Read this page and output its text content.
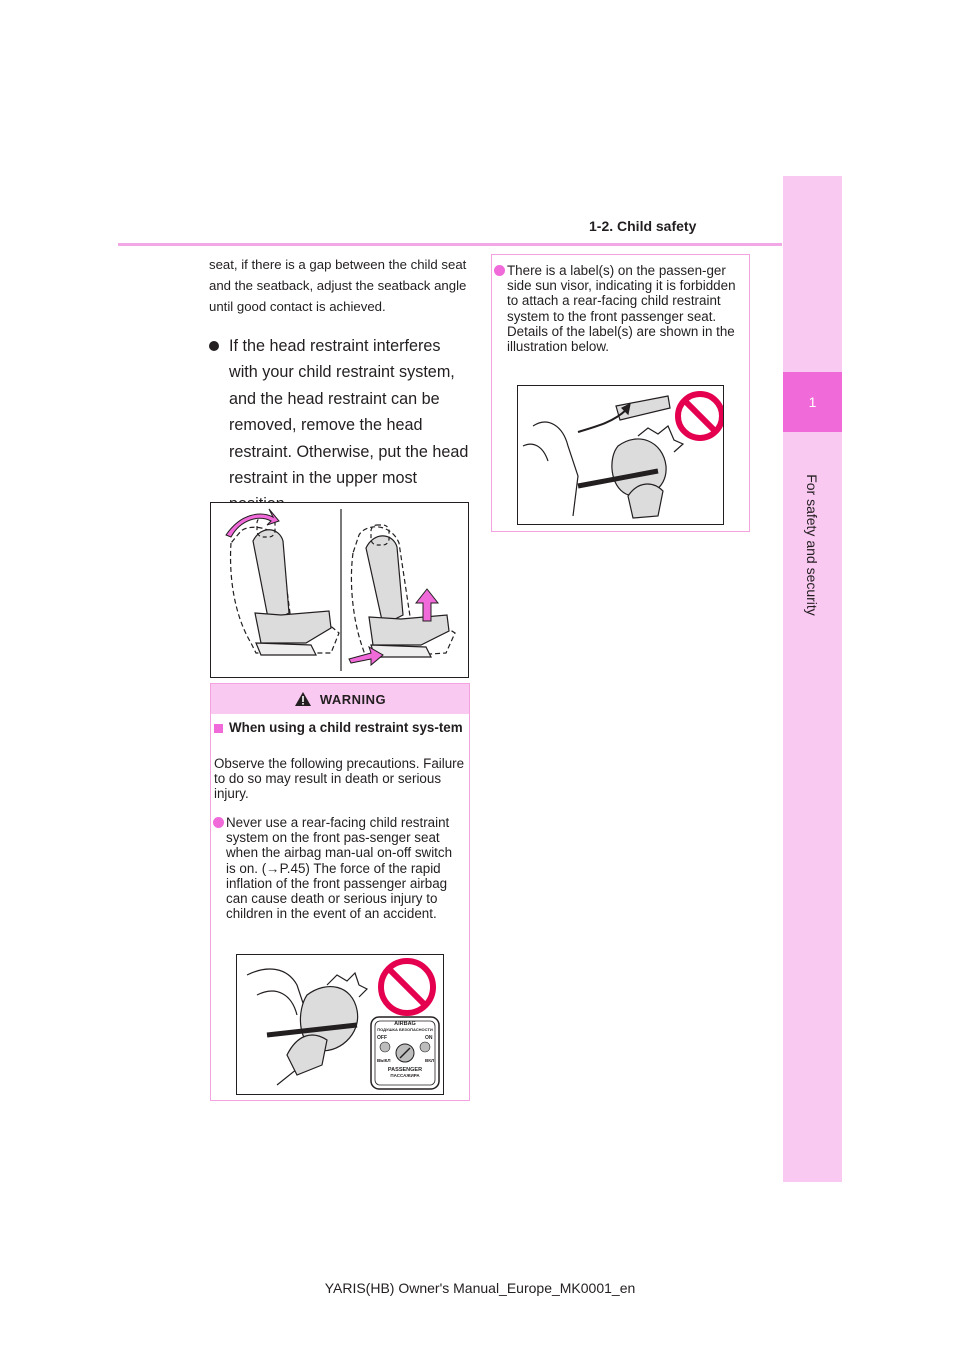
1-2. Child safety
1
For safety and security

seat, if there is a gap between the child seat and the seatback, adjust the seatback angle until good contact is achieved.

If the head restraint interferes with your child restraint system, and the head restraint can be removed, remove the head restraint. Otherwise, put the head restraint in the upper most
WARNING
When using a child restraint sys-tem
Observe the following precautions. Failure to do so may result in death or serious injury.
Never use a rear-facing child restraint system on the front pas-senger seat when the airbag man-ual on-off switch is on. (→P.45) The force of the rapid inflation of the front passenger airbag can cause death or serious injury to children in the event of an accident.
AIRBAG
ПОДУШКА БЕЗОПАСНОСТИ
OFF	ON
ВЫКЛ	ВКЛ
PASSENGER
ПАССАЖИРА
There is a label(s) on the passen-ger side sun visor, indicating it is forbidden to attach a rear-facing child restraint system to the front passenger seat.
Details of the label(s) are shown in the illustration below.
YARIS(HB) Owner's Manual_Europe_MK0001_en
